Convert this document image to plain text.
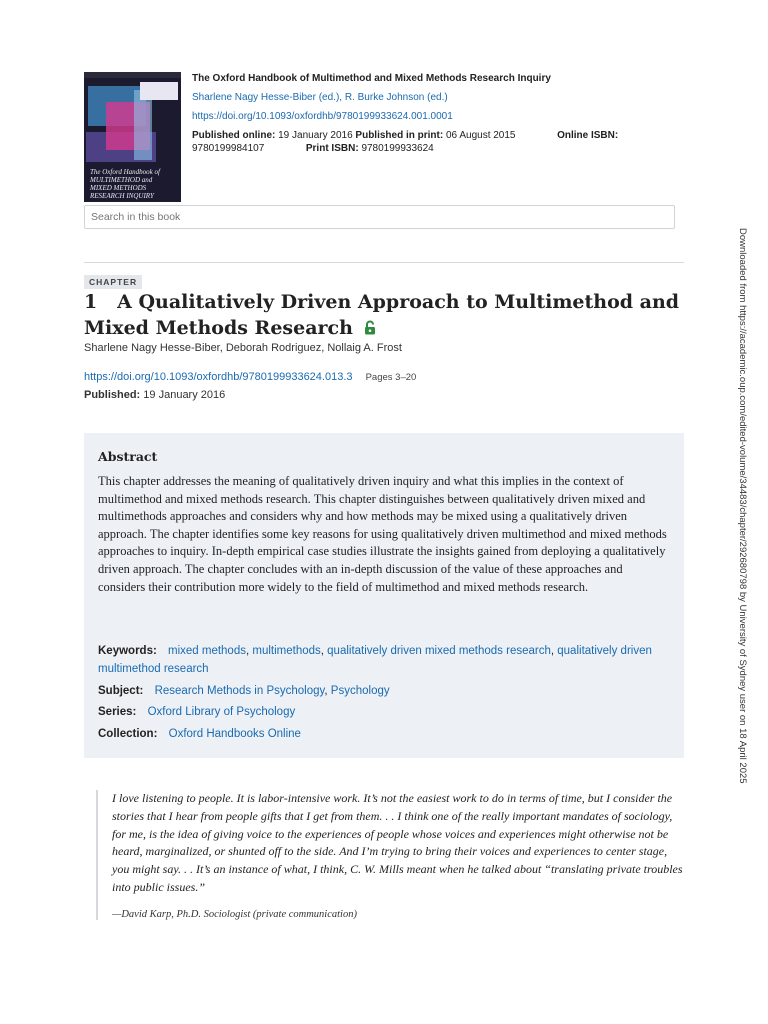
The Oxford Handbook of
MULTIMETHOD and
MIXED METHODS
RESEARCH INQUIRY
The Oxford Handbook of Multimethod and Mixed Methods Research Inquiry
Sharlene Nagy Hesse-Biber (ed.), R. Burke Johnson (ed.)
https://doi.org/10.1093/oxfordhb/9780199933624.001.0001
Published online: 19 January 2016 Published in print: 06 August 2015	Online ISBN:
9780199984107	Print ISBN: 9780199933624
Search in this book
CHAPTER
1 A Qualitatively Driven Approach to Multimethod and Mixed Methods Research
Sharlene Nagy Hesse-Biber, Deborah Rodriguez, Nollaig A. Frost
https://doi.org/10.1093/oxfordhb/9780199933624.013.3 Pages 3–20
Published: 19 January 2016
Abstract

This chapter addresses the meaning of qualitatively driven inquiry and what this implies in the context of multimethod and mixed methods research. This chapter distinguishes between qualitatively driven mixed and multimethods approaches and considers why and how methods may be mixed using a qualitatively driven approach. The chapter identifies some key reasons for using qualitatively driven multimethod and mixed methods approaches to inquiry. In-depth empirical case studies illustrate the insights gained from deploying a qualitatively driven approach. The chapter concludes with an in-depth discussion of the value of these approaches and considers their contribution more widely to the field of multimethod and mixed methods research.

Keywords: mixed methods, multimethods, qualitatively driven mixed methods research, qualitatively driven multimethod research
Subject: Research Methods in Psychology, Psychology
Series: Oxford Library of Psychology
Collection: Oxford Handbooks Online

I love listening to people. It is labor-intensive work. It’s not the easiest work to do in terms of time, but I consider the stories that I hear from people gifts that I get from them. . . I think one of the really important mandates of sociology, for me, is the idea of giving voice to the experiences of people whose voices and experiences might otherwise not be heard, marginalized, or shunted off to the side. And I’m trying to bring their voices and experiences to center stage, you might say. . . It’s an instance of what, I think, C. W. Mills meant when he talked about “translating private troubles into public issues.”

—David Karp, Ph.D. Sociologist (private communication)
Downloaded from https://academic.oup.com/edited-volume/34483/chapter/292680798 by University of Sydney user on 18 April 2025
